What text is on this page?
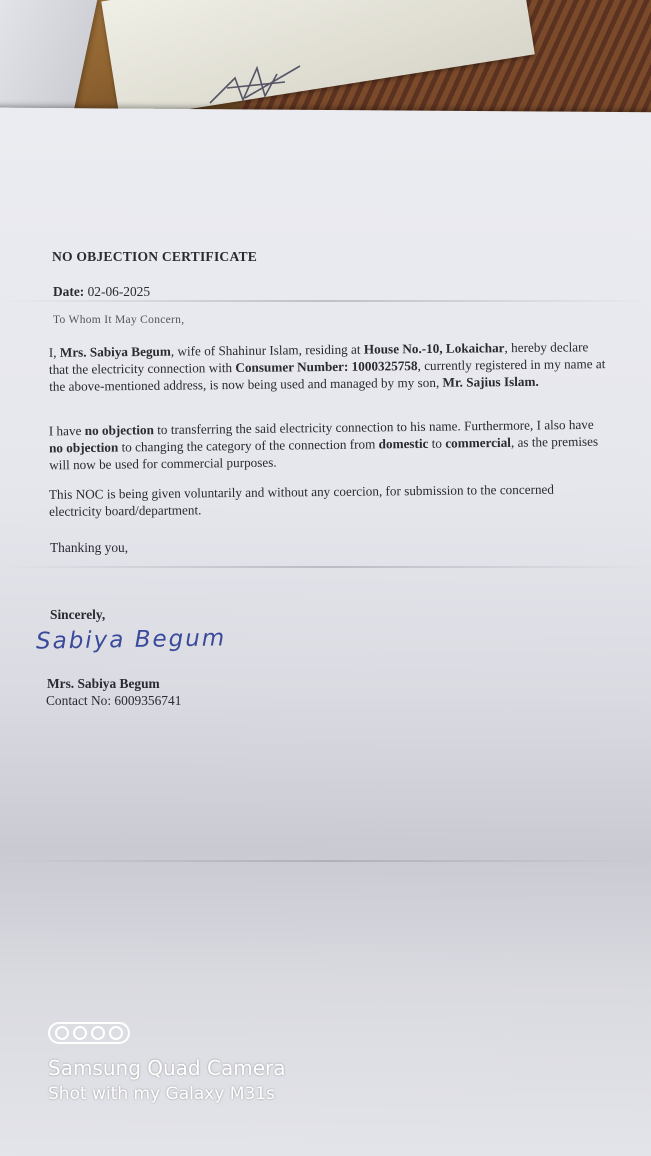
NO OBJECTION CERTIFICATE
Date: 02-06-2025
To Whom It May Concern,
I, Mrs. Sabiya Begum, wife of Shahinur Islam, residing at House No.-10, Lokaichar, hereby declare that the electricity connection with Consumer Number: 1000325758, currently registered in my name at the above-mentioned address, is now being used and managed by my son, Mr. Sajius Islam.
I have no objection to transferring the said electricity connection to his name. Furthermore, I also have no objection to changing the category of the connection from domestic to commercial, as the premises will now be used for commercial purposes.
This NOC is being given voluntarily and without any coercion, for submission to the concerned electricity board/department.
Thanking you,
Sincerely,
Sabiya Begum
Mrs. Sabiya Begum
Contact No: 6009356741
Samsung Quad Camera
Shot with my Galaxy M31s
